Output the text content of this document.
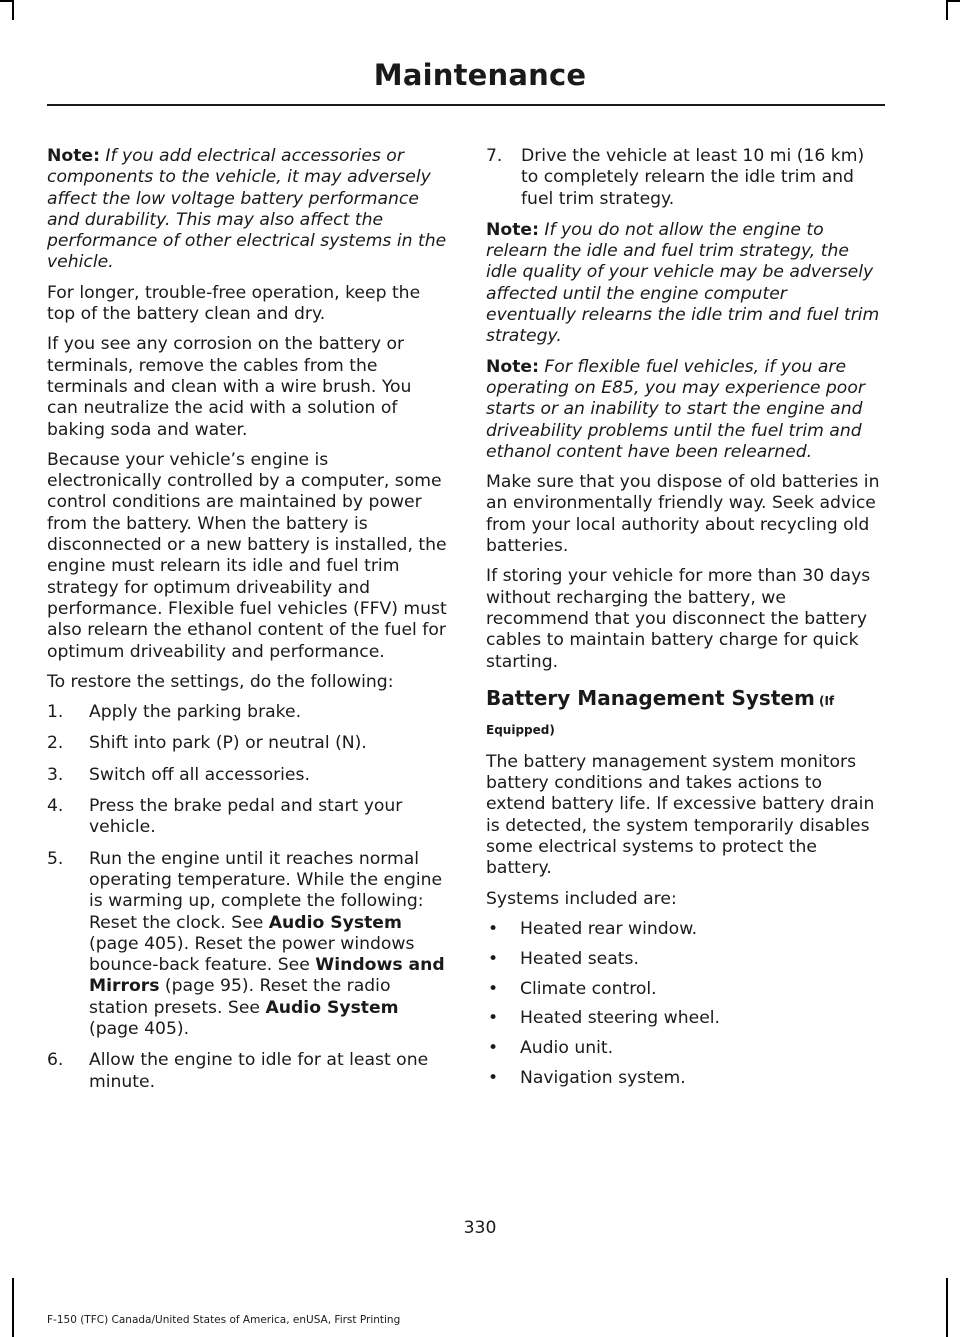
Maintenance

Note: If you add electrical accessories or components to the vehicle, it may adversely affect the low voltage battery performance and durability. This may also affect the performance of other electrical systems in the vehicle.

For longer, trouble-free operation, keep the top of the battery clean and dry.

If you see any corrosion on the battery or terminals, remove the cables from the terminals and clean with a wire brush. You can neutralize the acid with a solution of baking soda and water.

Because your vehicle’s engine is electronically controlled by a computer, some control conditions are maintained by power from the battery. When the battery is disconnected or a new battery is installed, the engine must relearn its idle and fuel trim strategy for optimum driveability and performance. Flexible fuel vehicles (FFV) must also relearn the ethanol content of the fuel for optimum driveability and performance.

To restore the settings, do the following:

1. Apply the parking brake.
2. Shift into park (P) or neutral (N).
3. Switch off all accessories.
4. Press the brake pedal and start your vehicle.
5. Run the engine until it reaches normal operating temperature. While the engine is warming up, complete the following: Reset the clock. See Audio System (page 405). Reset the power windows bounce-back feature. See Windows and Mirrors (page 95). Reset the radio station presets. See Audio System (page 405).
6. Allow the engine to idle for at least one minute.
7. Drive the vehicle at least 10 mi (16 km) to completely relearn the idle trim and fuel trim strategy.

Note: If you do not allow the engine to relearn the idle and fuel trim strategy, the idle quality of your vehicle may be adversely affected until the engine computer eventually relearns the idle trim and fuel trim strategy.

Note: For flexible fuel vehicles, if you are operating on E85, you may experience poor starts or an inability to start the engine and driveability problems until the fuel trim and ethanol content have been relearned.

Make sure that you dispose of old batteries in an environmentally friendly way. Seek advice from your local authority about recycling old batteries.

If storing your vehicle for more than 30 days without recharging the battery, we recommend that you disconnect the battery cables to maintain battery charge for quick starting.

Battery Management System (If Equipped)

The battery management system monitors battery conditions and takes actions to extend battery life. If excessive battery drain is detected, the system temporarily disables some electrical systems to protect the battery.

Systems included are:

• Heated rear window.
• Heated seats.
• Climate control.
• Heated steering wheel.
• Audio unit.
• Navigation system.
330
F-150 (TFC) Canada/United States of America, enUSA, First Printing
